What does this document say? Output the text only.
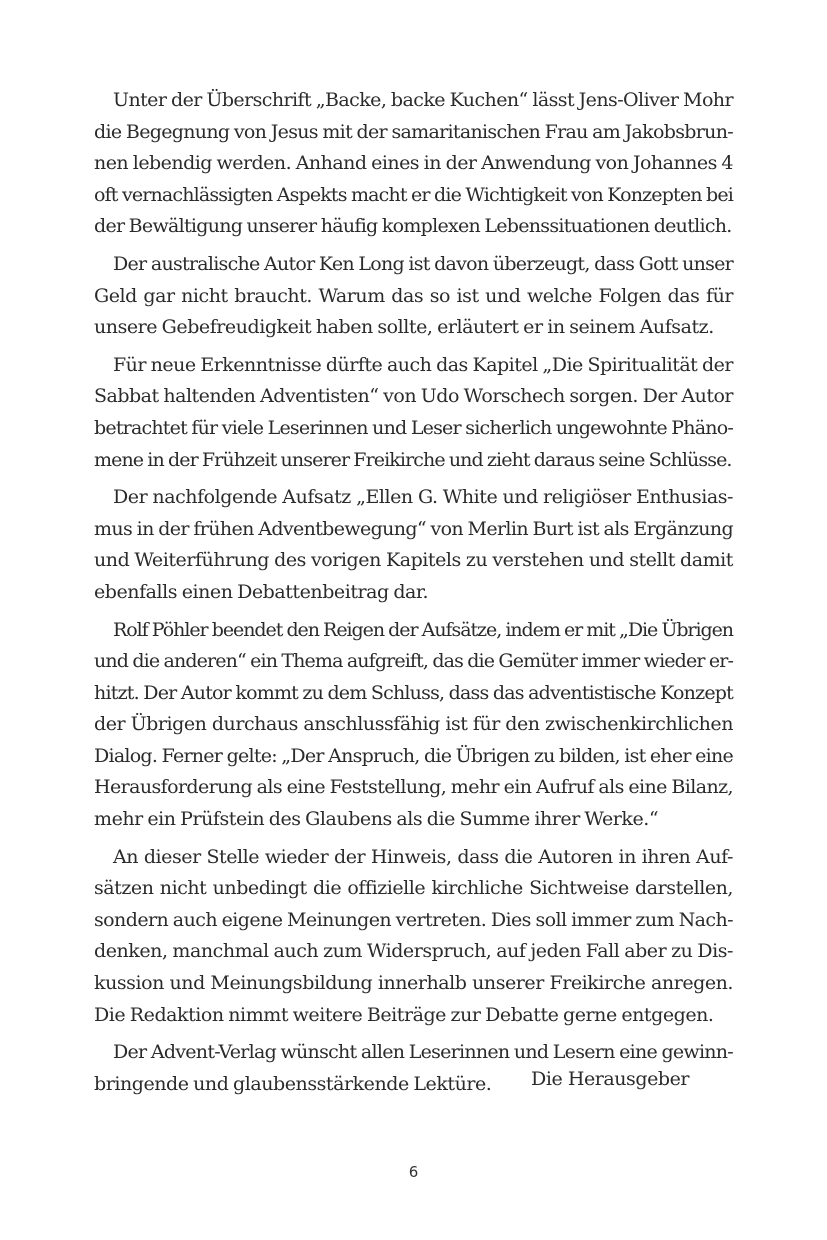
Unter der Überschrift „Backe, backe Kuchen“ lässt Jens-Oliver Mohr
die Begegnung von Jesus mit der samaritanischen Frau am Jakobsbrun-
nen lebendig werden. Anhand eines in der Anwendung von Johannes 4
oft vernachlässigten Aspekts macht er die Wichtigkeit von Konzepten bei
der Bewältigung unserer häufig komplexen Lebenssituationen deutlich.

Der australische Autor Ken Long ist davon überzeugt, dass Gott unser
Geld gar nicht braucht. Warum das so ist und welche Folgen das für
unsere Gebefreudigkeit haben sollte, erläutert er in seinem Aufsatz.

Für neue Erkenntnisse dürfte auch das Kapitel „Die Spiritualität der
Sabbat haltenden Adventisten“ von Udo Worschech sorgen. Der Autor
betrachtet für viele Leserinnen und Leser sicherlich ungewohnte Phäno-
mene in der Frühzeit unserer Freikirche und zieht daraus seine Schlüsse.

Der nachfolgende Aufsatz „Ellen G. White und religiöser Enthusias-
mus in der frühen Adventbewegung“ von Merlin Burt ist als Ergänzung
und Weiterführung des vorigen Kapitels zu verstehen und stellt damit
ebenfalls einen Debattenbeitrag dar.

Rolf Pöhler beendet den Reigen der Aufsätze, indem er mit „Die Übrigen
und die anderen“ ein Thema aufgreift, das die Gemüter immer wieder er-
hitzt. Der Autor kommt zu dem Schluss, dass das adventistische Konzept
der Übrigen durchaus anschlussfähig ist für den zwischenkirchlichen
Dialog. Ferner gelte: „Der Anspruch, die Übrigen zu bilden, ist eher eine
Herausforderung als eine Feststellung, mehr ein Aufruf als eine Bilanz,
mehr ein Prüfstein des Glaubens als die Summe ihrer Werke.“

An dieser Stelle wieder der Hinweis, dass die Autoren in ihren Auf-
sätzen nicht unbedingt die offizielle kirchliche Sichtweise darstellen,
sondern auch eigene Meinungen vertreten. Dies soll immer zum Nach-
denken, manchmal auch zum Widerspruch, auf jeden Fall aber zu Dis-
kussion und Meinungsbildung innerhalb unserer Freikirche anregen.
Die Redaktion nimmt weitere Beiträge zur Debatte gerne entgegen.

Der Advent-Verlag wünscht allen Leserinnen und Lesern eine gewinn-
bringende und glaubensstärkende Lektüre.	Die Herausgeber
6
